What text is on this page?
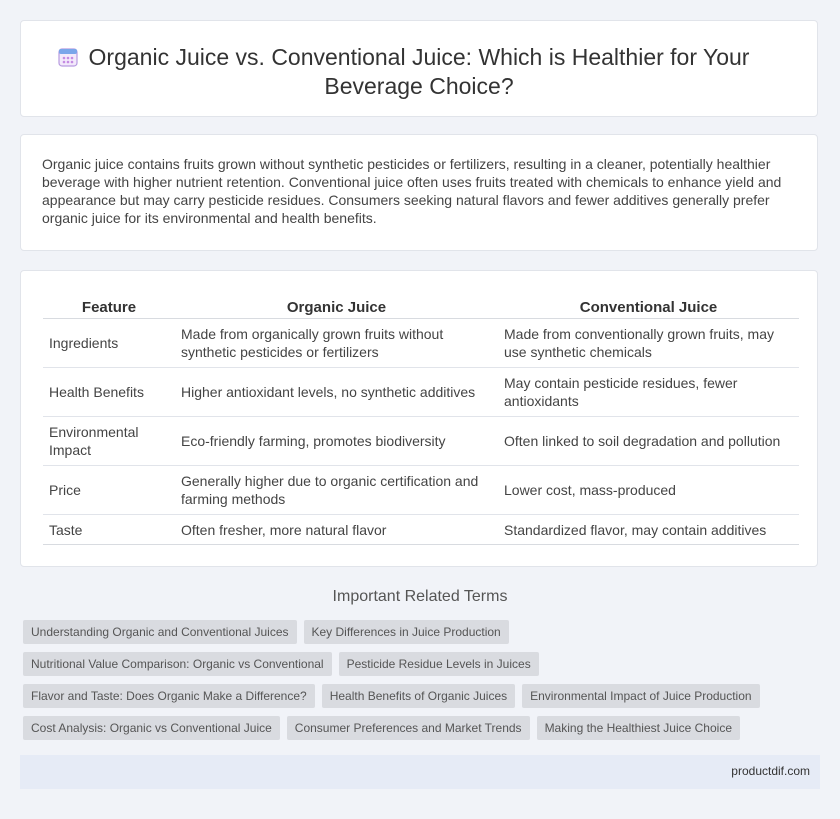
Organic Juice vs. Conventional Juice: Which is Healthier for Your Beverage Choice?

Organic juice contains fruits grown without synthetic pesticides or fertilizers, resulting in a cleaner, potentially healthier beverage with higher nutrient retention. Conventional juice often uses fruits treated with chemicals to enhance yield and appearance but may carry pesticide residues. Consumers seeking natural flavors and fewer additives generally prefer organic juice for its environmental and health benefits.

Feature	Organic Juice	Conventional Juice
Ingredients	Made from organically grown fruits without synthetic pesticides or fertilizers	Made from conventionally grown fruits, may use synthetic chemicals
Health Benefits	Higher antioxidant levels, no synthetic additives	May contain pesticide residues, fewer antioxidants
Environmental Impact	Eco-friendly farming, promotes biodiversity	Often linked to soil degradation and pollution
Price	Generally higher due to organic certification and farming methods	Lower cost, mass-produced
Taste	Often fresher, more natural flavor	Standardized flavor, may contain additives
Important Related Terms
Understanding Organic and Conventional Juices	Key Differences in Juice Production
Nutritional Value Comparison: Organic vs Conventional	Pesticide Residue Levels in Juices
Flavor and Taste: Does Organic Make a Difference?	Health Benefits of Organic Juices	Environmental Impact of Juice Production
Cost Analysis: Organic vs Conventional Juice	Consumer Preferences and Market Trends	Making the Healthiest Juice Choice
productdif.com
